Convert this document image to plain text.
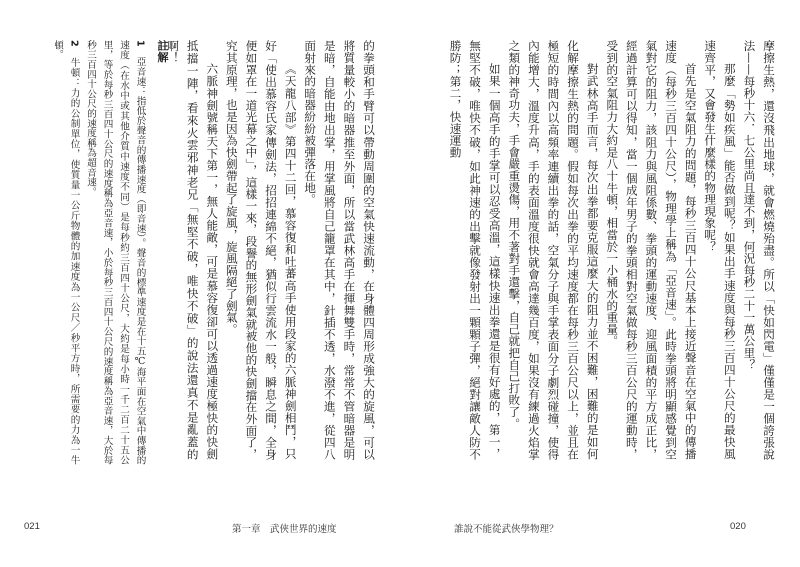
的拳頭和手臂可以帶動周圍的空氣快速流動，在身體四周形成強大的旋風，可以將質量較小的暗器推至外面，所以當武林高手在揮舞雙手時，常常不管暗器是明是暗，自能由地出掌，用掌風將自己籠罩在其中，針插不透，水潑不進，從四八面射來的暗器紛紛被彈落在地。

《天龍八部》第四十二回，慕容復和吐蕃高手使用段家的六脈神劍相鬥，只好「使出慕容氏家傳劍法，招招連綿不絕，猶似行雲流水一般，瞬息之間，全身便如罩在一道光幕之中」，這樣一來，段譽的無形劍氣就被他的快劍擋在外面了，究其原理，也是因為快劍帶起了旋風，旋風隔絕了劍氣。

六脈神劍號稱天下第一，無人能敵，可是慕容復卻可以透過速度極快的快劍抵擋一陣，看來火雲邪神老兄「無堅不破，唯快不破」的說法還真不是亂蓋的啊！

註解

1　亞音速：指低於聲音的傳播速度（即音速）。聲音的標準速度是在十五℃海平面在空氣中傳播的速度（在水中或其他介質中速度不同）是每秒約三百四十公尺，大約是每小時一千二百二十五公里，等於每秒三百四十公尺的速度稱為亞音速，小於每秒三百四十公尺的速度稱為亞音速，大於每秒三百四十公尺的速度稱為超音速。

2　牛頓：力的公制單位，使質量一公斤物體的加速度為一公尺／秒平方時，所需要的力為一牛頓。

021	第一章　武俠世界的速度

摩擦生熱，還沒飛出地球，就會燃燒殆盡。所以「快如閃電」僅僅是一個誇張說法——每秒十六．七公里尚且達不到，何況每秒二十一萬公里？

那麼「勢如疾風」能否做到呢？如果出手速度與每秒三百四十公尺的最快風速齊平，又會發生什麼樣的物理現象呢？

首先是空氣阻力的問題，每秒三百四十公尺基本上接近聲音在空氣中的傳播速度（每秒三百四十公尺），物理學上稱為「亞音速」。此時拳頭將明顯感覺到空氣對它的阻力，該阻力與風阻係數、拳頭的運動速度、迎風面積的平方成正比，經過計算可以得知，當一個成年男子的拳頭相對空氣做每秒三百公尺的運動時，受到的空氣阻力大約是八十牛頓，相當於一小桶水的重量。

對武林高手而言，每次出拳都要克服這麼大的阻力並不困難，困難的是如何化解摩擦生熱的問題。假如每次出拳的平均速度都在每秒三百公尺以上，並且在極短的時間內以高頻率連續出拳的話，空氣分子與手掌表面分子劇烈碰撞，使得內能增大，溫度升高，手的表面溫度很快就會高達幾百度，如果沒有練過火焰掌之類的神奇功夫，手會嚴重燙傷，用不著對手還擊，自己就把自己打敗了。

如果一個高手的手掌可以忍受高溫，這樣快速出拳還是很有好處的，第一，無堅不破，唯快不破，如此神速的出擊就像發射出一顆顆子彈，絕對讓敵人防不勝防；第二，快速運動

誰說不能從武俠學物理？	020
